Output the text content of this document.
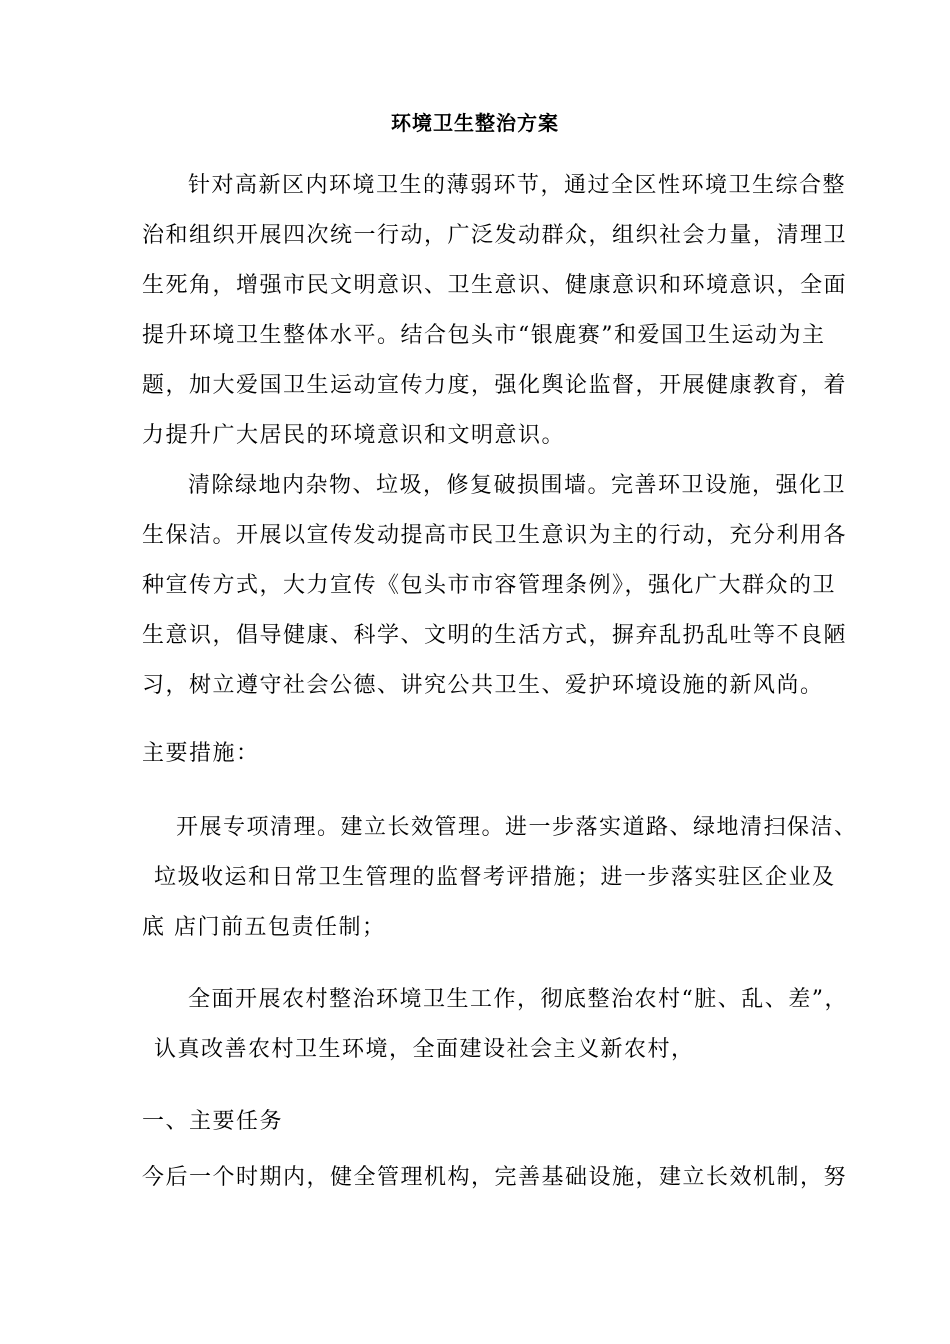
环境卫生整治方案
针对高新区内环境卫生的薄弱环节，通过全区性环境卫生综合整
治和组织开展四次统一行动，广泛发动群众，组织社会力量，清理卫
生死角，增强市民文明意识、卫生意识、健康意识和环境意识，全面
提升环境卫生整体水平。结合包头市“银鹿赛”和爱国卫生运动为主
题，加大爱国卫生运动宣传力度，强化舆论监督，开展健康教育，着
力提升广大居民的环境意识和文明意识。
清除绿地内杂物、垃圾，修复破损围墙。完善环卫设施，强化卫
生保洁。开展以宣传发动提高市民卫生意识为主的行动，充分利用各
种宣传方式，大力宣传《包头市市容管理条例》，强化广大群众的卫
生意识，倡导健康、科学、文明的生活方式，摒弃乱扔乱吐等不良陋
习，树立遵守社会公德、讲究公共卫生、爱护环境设施的新风尚。
主要措施：
开展专项清理。建立长效管理。进一步落实道路、绿地清扫保洁、
垃圾收运和日常卫生管理的监督考评措施；进一步落实驻区企业及
底 店门前五包责任制；
全面开展农村整治环境卫生工作，彻底整治农村“脏、乱、差”，
认真改善农村卫生环境，全面建设社会主义新农村，
一、主要任务
今后一个时期内，健全管理机构，完善基础设施，建立长效机制，努
